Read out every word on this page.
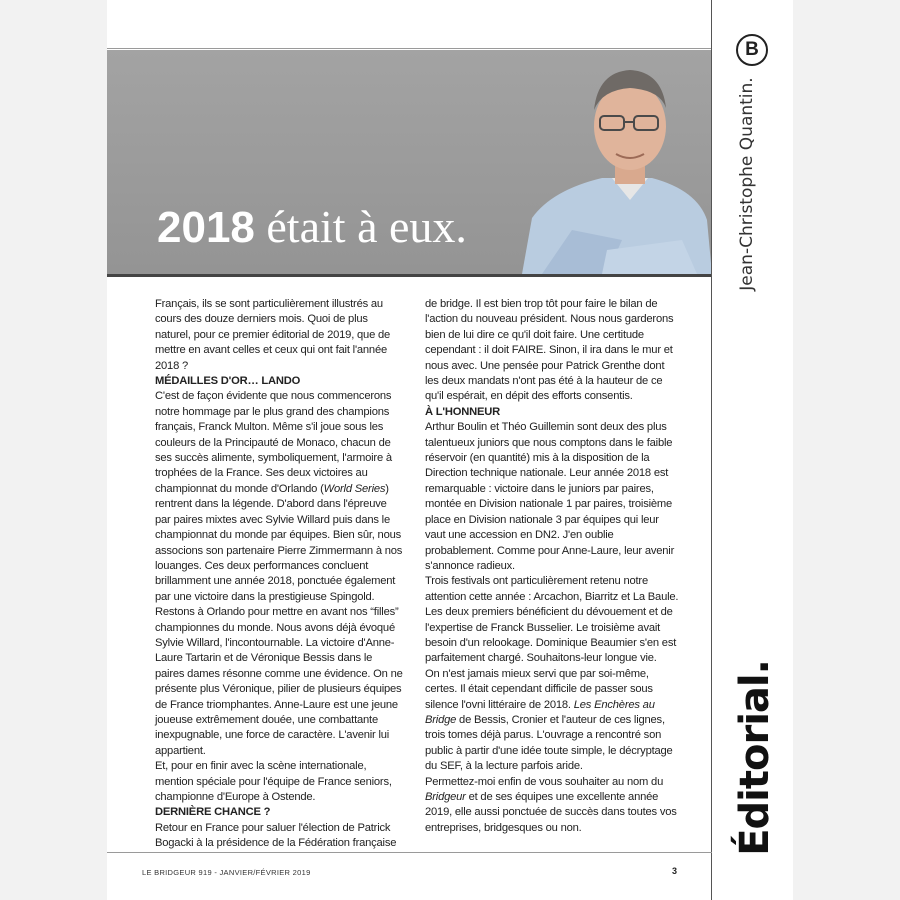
2018 était à eux.
B
Jean-Christophe Quantin.
Éditorial.

Français, ils se sont particulièrement illustrés au cours des douze derniers mois. Quoi de plus naturel, pour ce premier éditorial de 2019, que de mettre en avant celles et ceux qui ont fait l'année 2018 ?

MÉDAILLES D'OR… LANDO

C'est de façon évidente que nous commencerons notre hommage par le plus grand des champions français, Franck Multon. Même s'il joue sous les couleurs de la Principauté de Monaco, chacun de ses succès alimente, symboliquement, l'armoire à trophées de la France. Ses deux victoires au championnat du monde d'Orlando (World Series) rentrent dans la légende. D'abord dans l'épreuve par paires mixtes avec Sylvie Willard puis dans le championnat du monde par équipes. Bien sûr, nous associons son partenaire Pierre Zimmermann à nos louanges. Ces deux performances concluent brillamment une année 2018, ponctuée également par une victoire dans la prestigieuse Spingold.

Restons à Orlando pour mettre en avant nos “filles” championnes du monde. Nous avons déjà évoqué Sylvie Willard, l'incontournable. La victoire d'Anne-Laure Tartarin et de Véronique Bessis dans le paires dames résonne comme une évidence. On ne présente plus Véronique, pilier de plusieurs équipes de France triomphantes. Anne-Laure est une jeune joueuse extrêmement douée, une combattante inexpugnable, une force de caractère. L'avenir lui appartient.

Et, pour en finir avec la scène internationale, mention spéciale pour l'équipe de France seniors, championne d'Europe à Ostende.

DERNIÈRE CHANCE ?

Retour en France pour saluer l'élection de Patrick Bogacki à la présidence de la Fédération française

de bridge. Il est bien trop tôt pour faire le bilan de l'action du nouveau président. Nous nous garderons bien de lui dire ce qu'il doit faire. Une certitude cependant : il doit FAIRE. Sinon, il ira dans le mur et nous avec. Une pensée pour Patrick Grenthe dont les deux mandats n'ont pas été à la hauteur de ce qu'il espérait, en dépit des efforts consentis.

À L'HONNEUR

Arthur Boulin et Théo Guillemin sont deux des plus talentueux juniors que nous comptons dans le faible réservoir (en quantité) mis à la disposition de la Direction technique nationale. Leur année 2018 est remarquable : victoire dans le juniors par paires, montée en Division nationale 1 par paires, troisième place en Division nationale 3 par équipes qui leur vaut une accession en DN2. J'en oublie probablement. Comme pour Anne-Laure, leur avenir s'annonce radieux.

Trois festivals ont particulièrement retenu notre attention cette année : Arcachon, Biarritz et La Baule. Les deux premiers bénéficient du dévouement et de l'expertise de Franck Busselier. Le troisième avait besoin d'un relookage. Dominique Beaumier s'en est parfaitement chargé. Souhaitons-leur longue vie.

On n'est jamais mieux servi que par soi-même, certes. Il était cependant difficile de passer sous silence l'ovni littéraire de 2018. Les Enchères au Bridge de Bessis, Cronier et l'auteur de ces lignes, trois tomes déjà parus. L'ouvrage a rencontré son public à partir d'une idée toute simple, le décryptage du SEF, à la lecture parfois aride.

Permettez-moi enfin de vous souhaiter au nom du Bridgeur et de ses équipes une excellente année 2019, elle aussi ponctuée de succès dans toutes vos entreprises, bridgesques ou non.

LE BRIDGEUR 919 - JANVIER/FÉVRIER 2019	3
